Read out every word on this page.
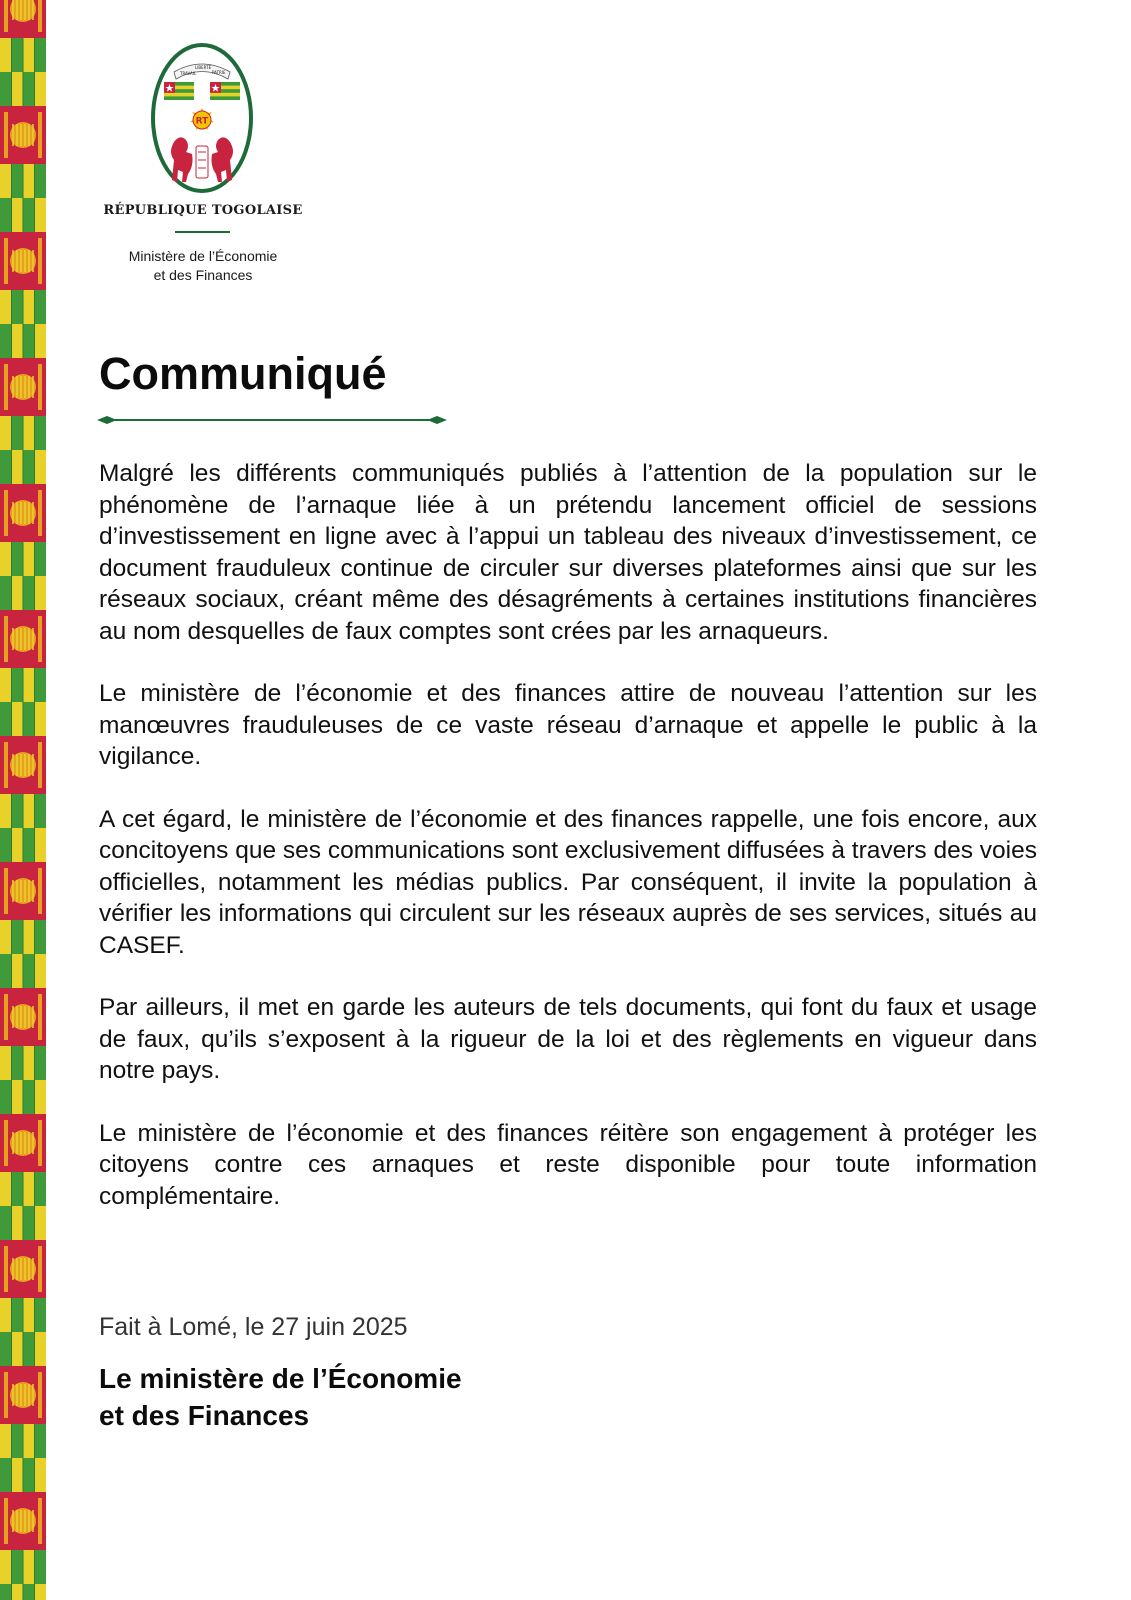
TRAVAIL
LIBERTÉ
PATRIE
RT
RÉPUBLIQUE TOGOLAISE
Ministère de l’Économie
et des Finances
Communiqué

Malgré les différents communiqués publiés à l’attention de la population sur le phénomène de l’arnaque liée à un prétendu lancement officiel de sessions d’investissement en ligne avec à l’appui un tableau des niveaux d’investissement, ce document frauduleux continue de circuler sur diverses plateformes ainsi que sur les réseaux sociaux, créant même des désagréments à certaines institutions financières au nom desquelles de faux comptes sont crées par les arnaqueurs.

Le ministère de l’économie et des finances attire de nouveau l’attention sur les manœuvres frauduleuses de ce vaste réseau d’arnaque et appelle le public à la vigilance.

A cet égard, le ministère de l’économie et des finances rappelle, une fois encore, aux concitoyens que ses communications sont exclusivement diffusées à travers des voies officielles, notamment les médias publics. Par conséquent, il invite la population à vérifier les informations qui circulent sur les réseaux auprès de ses services, situés au CASEF.

Par ailleurs, il met en garde les auteurs de tels documents, qui font du faux et usage de faux, qu’ils s’exposent à la rigueur de la loi et des règlements en vigueur dans notre pays.

Le ministère de l’économie et des finances réitère son engagement à protéger les citoyens contre ces arnaques et reste disponible pour toute information complémentaire.

Fait à Lomé, le 27 juin 2025

Le ministère de l’Économie
et des Finances
